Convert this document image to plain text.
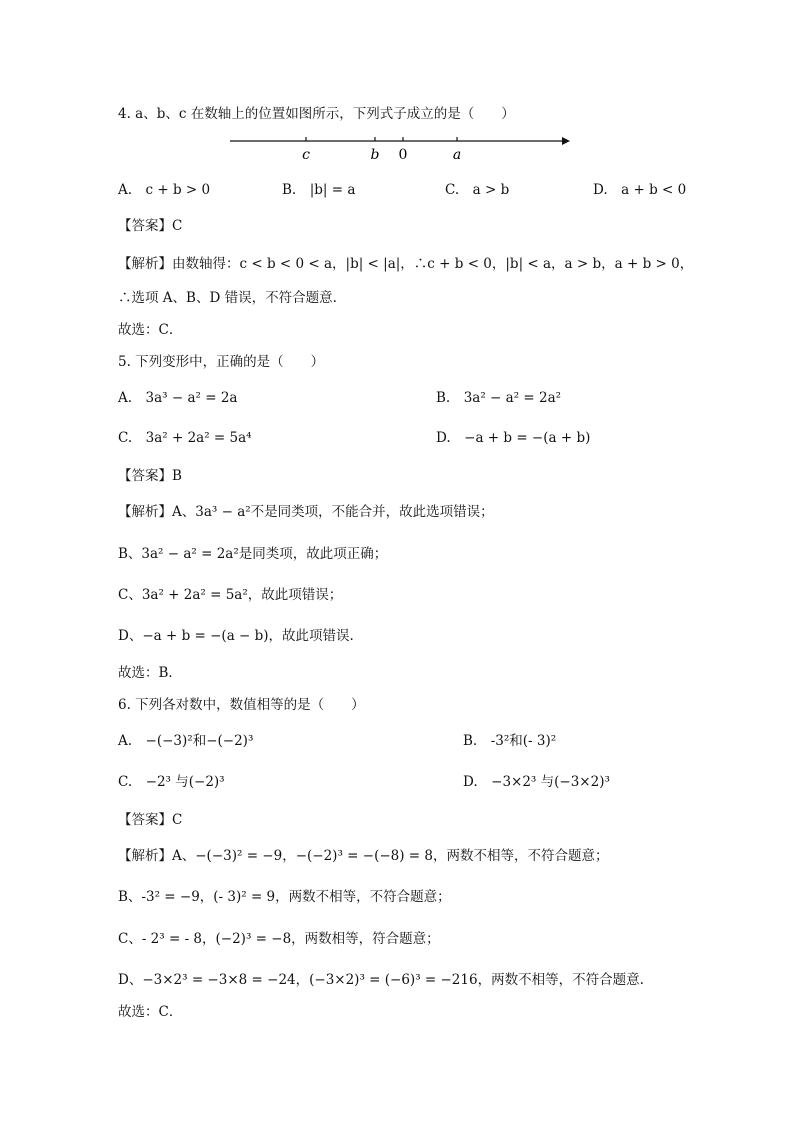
4. a、b、c 在数轴上的位置如图所示，下列式子成立的是（　　）
c	b 0	a
A.　c + b > 0	B.　|b| = a	C.　a > b	D.　a + b < 0
【答案】C
【解析】由数轴得：c < b < 0 < a，|b| < |a|，∴c + b < 0，|b| < a，a > b，a + b > 0，
∴选项 A、B、D 错误，不符合题意.
故选：C．
5. 下列变形中，正确的是（　　）
A.　3a³ − a² = 2a	B.　3a² − a² = 2a²
C.　3a² + 2a² = 5a⁴	D.　−a + b = −(a + b)
【答案】B
【解析】A、3a³ − a²不是同类项，不能合并，故此选项错误；
B、3a² − a² = 2a²是同类项，故此项正确；
C、3a² + 2a² = 5a²，故此项错误；
D、−a + b = −(a − b)，故此项错误.
故选：B．
6. 下列各对数中，数值相等的是（　　）
A.　−(−3)²和−(−2)³	B.　-3²和(- 3)²
C.　−2³ 与(−2)³	D.　−3×2³ 与(−3×2)³
【答案】C
【解析】A、−(−3)² = −9，−(−2)³ = −(−8) = 8，两数不相等，不符合题意；
B、-3² = −9，(- 3)² = 9，两数不相等，不符合题意；
C、- 2³ = - 8，(−2)³ = −8，两数相等，符合题意；
D、−3×2³ = −3×8 = −24，(−3×2)³ = (−6)³ = −216，两数不相等，不符合题意.
故选：C．
